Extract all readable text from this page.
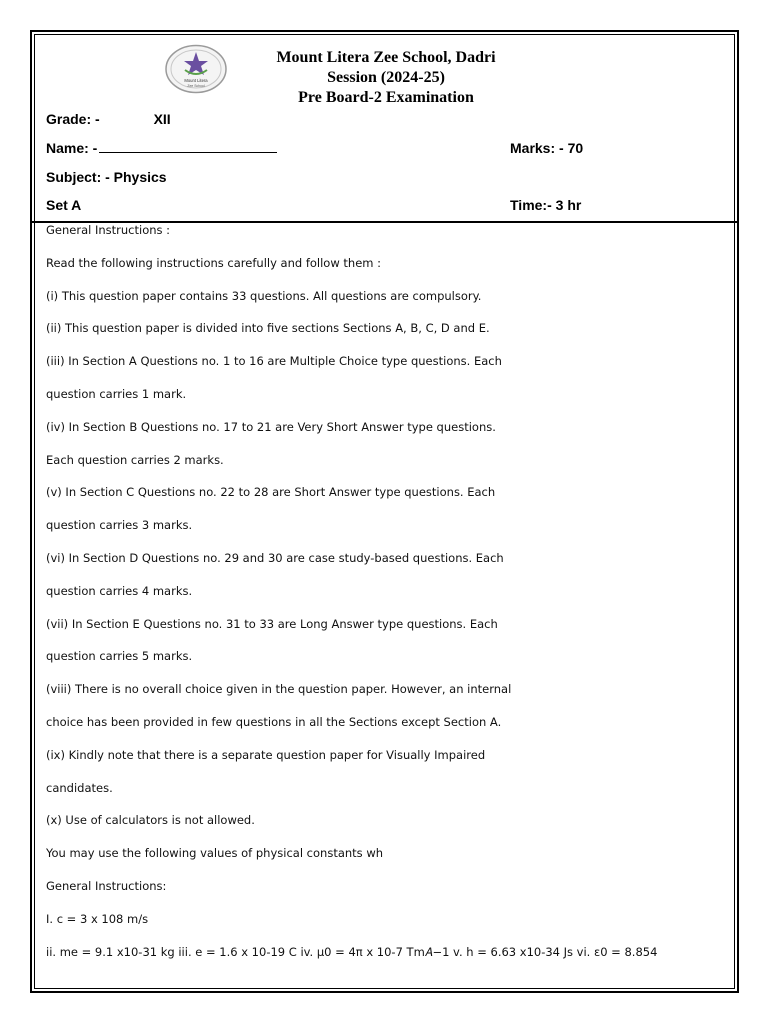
Mount Litera
Zee School
Mount Litera Zee School, Dadri
Session (2024-25)
Pre Board-2 Examination
Grade: -	XII
Name: -	Marks: - 70
Subject: - Physics
Set A	Time:- 3 hr
General Instructions :
Read the following instructions carefully and follow them :
(i) This question paper contains 33 questions. All questions are compulsory.
(ii) This question paper is divided into five sections Sections A, B, C, D and E.
(iii) In Section A Questions no. 1 to 16 are Multiple Choice type questions. Each
question carries 1 mark.
(iv) In Section B Questions no. 17 to 21 are Very Short Answer type questions.
Each question carries 2 marks.
(v) In Section C Questions no. 22 to 28 are Short Answer type questions. Each
question carries 3 marks.
(vi) In Section D Questions no. 29 and 30 are case study-based questions. Each
question carries 4 marks.
(vii) In Section E Questions no. 31 to 33 are Long Answer type questions. Each
question carries 5 marks.
(viii) There is no overall choice given in the question paper. However, an internal
choice has been provided in few questions in all the Sections except Section A.
(ix) Kindly note that there is a separate question paper for Visually Impaired
candidates.
(x) Use of calculators is not allowed.
You may use the following values of physical constants wh
General Instructions:
I. c = 3 x 108 m/s
ii. me = 9.1 x10-31 kg iii. e = 1.6 x 10-19 C iv. μ0 = 4π x 10-7 Tm𝐴−1 v. h = 6.63 x10-34 Js vi. ε0 = 8.854
